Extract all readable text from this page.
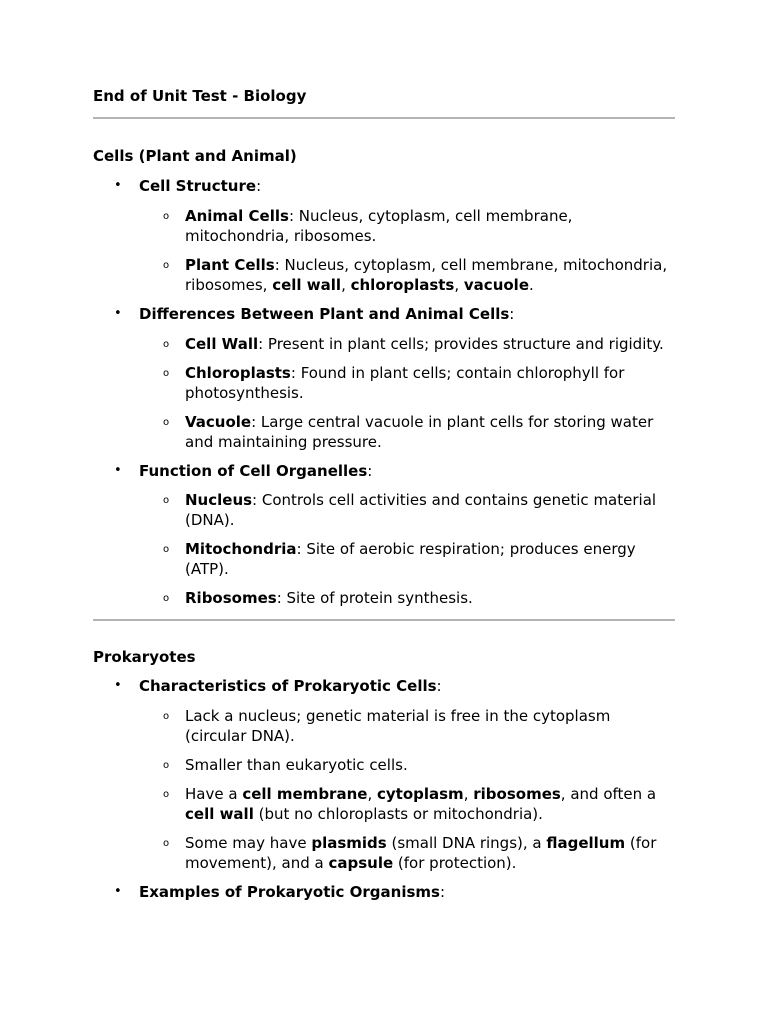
End of Unit Test - Biology
Cells (Plant and Animal)
• Cell Structure:
o Animal Cells: Nucleus, cytoplasm, cell membrane, mitochondria, ribosomes.
o Plant Cells: Nucleus, cytoplasm, cell membrane, mitochondria, ribosomes, cell wall, chloroplasts, vacuole.
• Differences Between Plant and Animal Cells:
o Cell Wall: Present in plant cells; provides structure and rigidity.
o Chloroplasts: Found in plant cells; contain chlorophyll for photosynthesis.
o Vacuole: Large central vacuole in plant cells for storing water and maintaining pressure.
• Function of Cell Organelles:
o Nucleus: Controls cell activities and contains genetic material (DNA).
o Mitochondria: Site of aerobic respiration; produces energy (ATP).
o Ribosomes: Site of protein synthesis.
Prokaryotes
• Characteristics of Prokaryotic Cells:
o Lack a nucleus; genetic material is free in the cytoplasm (circular DNA).
o Smaller than eukaryotic cells.
o Have a cell membrane, cytoplasm, ribosomes, and often a cell wall (but no chloroplasts or mitochondria).
o Some may have plasmids (small DNA rings), a flagellum (for movement), and a capsule (for protection).
• Examples of Prokaryotic Organisms:
